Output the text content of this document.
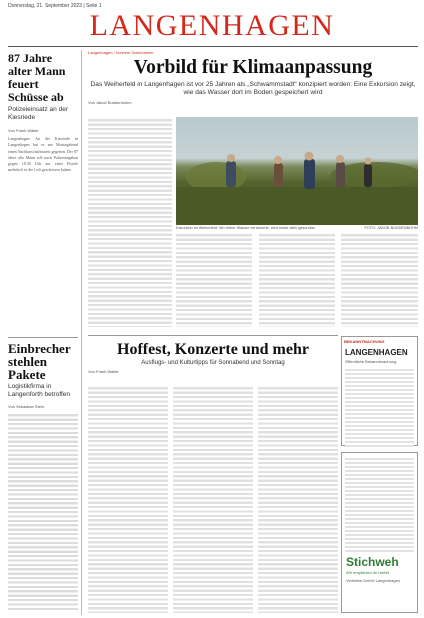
Donnerstag, 21. September 2023 | Seite 1
LANGENHAGEN
87 Jahre alter Mann feuert Schüsse ab
Polizeieinsatz an der Kiesriede
Von Frank Walter
Langenhagen. An der Kiesriede in Langenhagen hat es am Montagabend einen Nachbarschaftsstreit gegeben. Der 87 Jahre alte Mann soll nach Polizeiangaben gegen 18.30 Uhr aus einer Pistole mehrfach in die Luft geschossen haben.
Einbrecher stehlen Pakete
Logistikfirma in Langenforth betroffen
Von Sebastian Stein
Langenhagen / Vorwerk Schimmerlei
Vorbild für Klimaanpassung
Das Weiherfeld in Langenhagen ist vor 25 Jahren als „Schwammstadt“ konzipiert worden: Eine Exkursion zeigt, wie das Wasser dort im Boden gespeichert wird
Von Jakob Buddenbohm
Exkursion im Weiherfeld: Wo früher Wasser versickerte, wird heute aktiv geschützt.	FOTO: JAKOB BUDDENBOHM
BEKANNTMACHUNG
LANGENHAGEN
Öffentliche Bekanntmachung
Hoffest, Konzerte und mehr
Ausflugs- und Kulturtipps für Sonnabend und Sonntag
Von Frank Walter
Stichweh
Wir empfehlen im Heftet
Vertriebs GmbH Langenhagen
